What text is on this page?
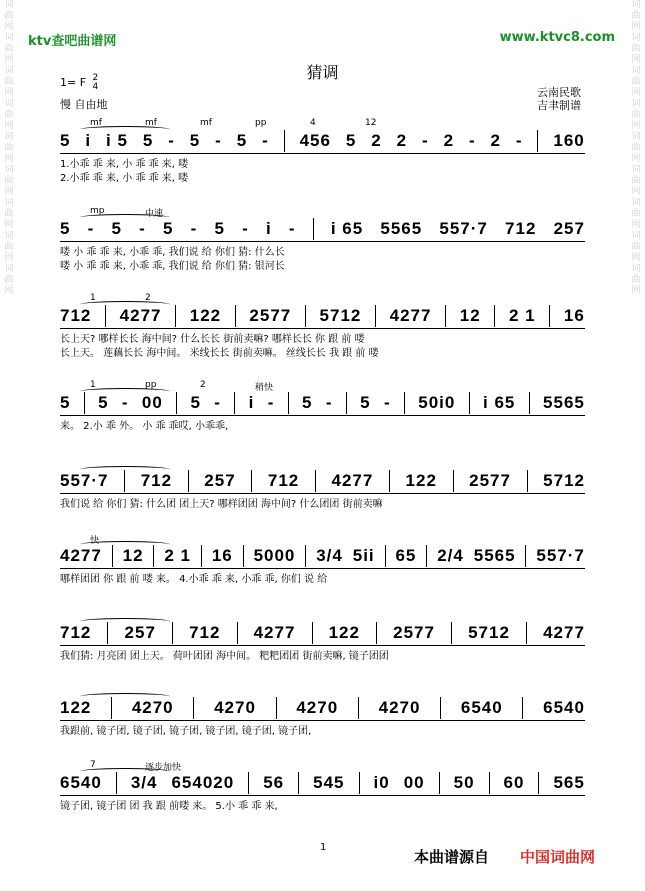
词
曲
网
词
曲
网
词
曲
网
词
曲
网
词
曲
网
词
曲
网
词
曲
网
词
曲
网
词
曲
网
词
曲
网
词
曲
网
词
曲
网
词
曲
网
词
曲
网
词
曲
网
词
曲
网
词
曲
网
词
曲
网
ktv查吧曲谱网	www.ktvc8.com
猜调
1= F 2
4
慢 自由地
云南民歌
吉聿制谱
mf	mf	mf	pp	4	12
5 i i 5 5 - 5 - 5 - 456 5 2 2 - 2 - 2 - 160
1.小乖 乖 来, 小 乖 乖 来, 喽
2.小乖 乖 来, 小 乖 乖 来, 喽
mp	中速
5 - 5 - 5 - 5 - i - i 65 5565 557·7 712 257
喽 小 乖 乖 来, 小乖 乖, 我们说 给 你们 猜: 什么长
喽 小 乖 乖 来, 小乖 乖, 我们说 给 你们 猜: 银河长
1	2
712 4277 122 2577 5712 4277 12 2 1 16
长上天? 哪样长长 海中间? 什么长长 街前卖嘛? 哪样长长 你 跟 前 喽
长上天。 莲藕长长 海中间。 米线长长 街前卖嘛。 丝线长长 我 跟 前 喽
1	pp	2	稍快
5 5 - 00 5 - i - 5 - 5 - 50i0 i 65 5565
来。 2.小 乖 外。 小 乖 乖哎, 小乖乖,
557·7 712 257 712 4277 122 2577 5712
我们说 给 你们 猜: 什么团 团上天? 哪样团团 海中间? 什么团团 街前卖嘛
快
4277 12 2 1 16 5000 3/4 5ii 65 2/4 5565 557·7
哪样团团 你 跟 前 喽 来。 4.小乖 乖 来, 小乖 乖, 你们 说 给
712 257 712 4277 122 2577 5712 4277
我们猜: 月亮团 团上天。 荷叶团团 海中间。 粑粑团团 街前卖嘛, 镜子团团
122 4270 4270 4270 4270 6540 6540
我跟前, 镜子团, 镜子团, 镜子团, 镜子团, 镜子团, 镜子团,
7	逐步加快
6540 3/4 654020 56 545 i0 00 50 60 565
镜子团, 镜子团 团 我 跟 前喽 来。 5.小 乖 乖 来,
1
本曲谱源自 中国词曲网
